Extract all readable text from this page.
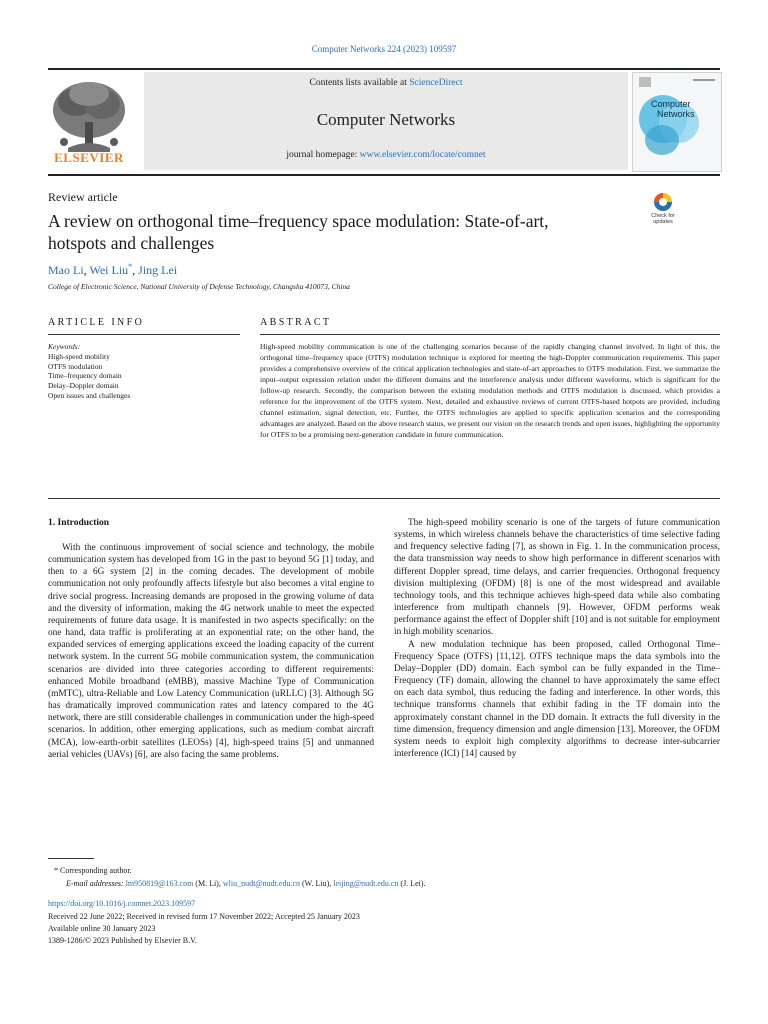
Computer Networks 224 (2023) 109597
ELSEVIER
Contents lists available at ScienceDirect
Computer Networks
journal homepage: www.elsevier.com/locate/comnet
Computer
Networks
Review article
A review on orthogonal time–frequency space modulation: State-of-art, hotspots and challenges
Check for updates
Mao Li, Wei Liu*, Jing Lei
College of Electronic Science, National University of Defense Technology, Changsha 410073, China
ARTICLE INFO	ABSTRACT
Keywords:
High-speed mobility
OTFS modulation
Time–frequency domain
Delay–Doppler domain
Open issues and challenges
High-speed mobility communication is one of the challenging scenarios because of the rapidly changing channel involved. In light of this, the orthogonal time–frequency space (OTFS) modulation technique is explored for meeting the high-Doppler communication requirements. This paper provides a comprehensive overview of the critical application technologies and state-of-art approaches to OTFS modulation. First, we summarize the input–output expression relation under the different domains and the interference analysis under different waveforms, which is significant for the follow-up research. Secondly, the comparison between the existing modulation methods and OTFS modulation is discussed, which provides a reference for the improvement of the OTFS system. Next, detailed and exhaustive reviews of current OTFS-based hotpots are provided, including channel estimation, signal detection, etc. Further, the OTFS technologies are applied to specific application scenarios and the corresponding advantages are analyzed. Based on the above research status, we present our vision on the research trends and open issues, highlighting the opportunity for OTFS to be a promising next-generation candidate in future communication.
1. Introduction

With the continuous improvement of social science and technology, the mobile communication system has developed from 1G in the past to beyond 5G [1] today, and then to a 6G system [2] in the coming decades. The development of mobile communication not only profoundly affects lifestyle but also becomes a vital engine to drive social progress. Increasing demands are proposed in the growing volume of data and the diversity of information, making the 4G network unable to meet the expected requirements of future data usage. It is manifested in two aspects specifically: on the one hand, data traffic is proliferating at an exponential rate; on the other hand, the expanded services of emerging applications exceed the loading capacity of the current network system. In the current 5G mobile communication system, the communication scenarios are divided into three categories according to different requirements: enhanced Mobile broadband (eMBB), massive Machine Type of Communication (mMTC), ultra-Reliable and Low Latency Communication (uRLLC) [3]. Although 5G has dramatically improved communication rates and latency compared to the 4G network, there are still considerable challenges in communication under the high-speed scenarios. In addition, other emerging applications, such as medium combat aircraft (MCA), low-earth-orbit satellites (LEOSs) [4], high-speed trains [5] and unmanned aerial vehicles (UAVs) [6], are also facing the same problems.

The high-speed mobility scenario is one of the targets of future communication systems, in which wireless channels behave the characteristics of time selective fading and frequency selective fading [7], as shown in Fig. 1. In the communication process, the data transmission way needs to show high performance in different scenarios with different Doppler spread, time delays, and carrier frequencies. Orthogonal frequency division multiplexing (OFDM) [8] is one of the most widespread and available technology tools, and this technique achieves high-speed data while also combating interference from multipath channels [9]. However, OFDM performs weak performance against the effect of Doppler shift [10] and is not suitable for employment in high mobility scenarios.

A new modulation technique has been proposed, called Orthogonal Time–Frequency Space (OTFS) [11,12]. OTFS technique maps the data symbols into the Delay–Doppler (DD) domain. Each symbol can be fully expanded in the Time–Frequency (TF) domain, allowing the channel to have approximately the same effect on each data symbol, thus reducing the fading and interference. In other words, this technique transforms channels that exhibit fading in the TF domain into the approximately constant channel in the DD domain. It extracts the full diversity in the time dimension, frequency dimension and angle dimension [13]. Moreover, the OFDM system needs to exploit high complexity algorithms to decrease inter-subcarrier interference (ICI) [14] caused by

* Corresponding author.
E-mail addresses: lm950819@163.com (M. Li), wliu_nudt@nudt.edu.cn (W. Liu), leijing@nudt.edu.cn (J. Lei).
https://doi.org/10.1016/j.comnet.2023.109597
Received 22 June 2022; Received in revised form 17 November 2022; Accepted 25 January 2023
Available online 30 January 2023
1389-1286/© 2023 Published by Elsevier B.V.
